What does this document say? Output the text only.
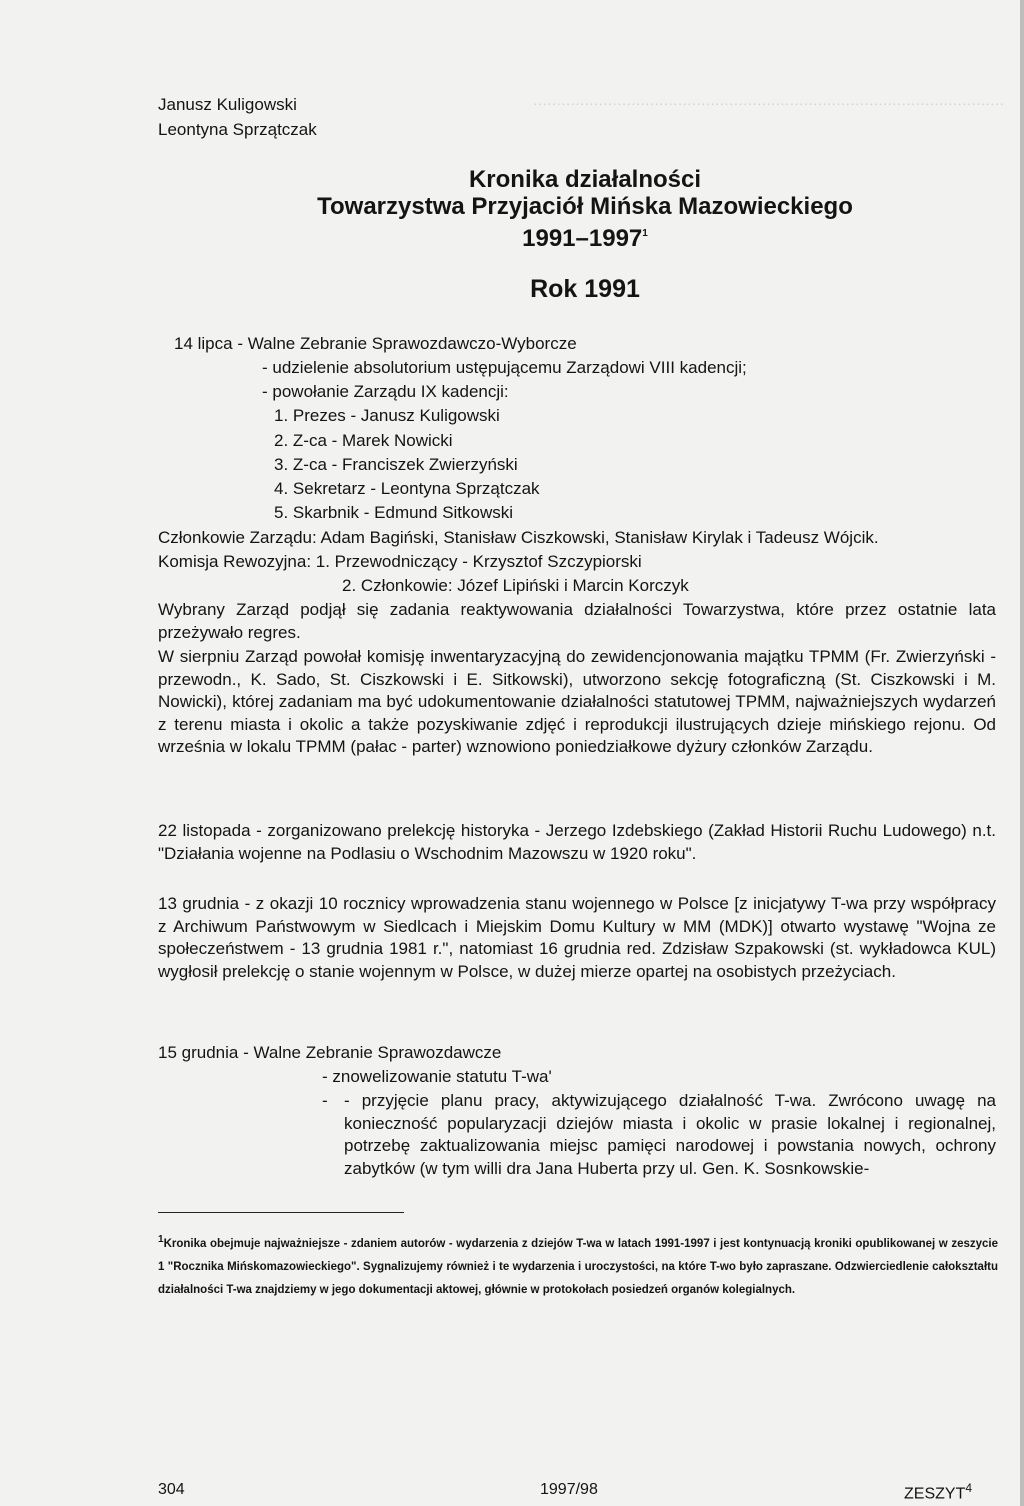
·····································································································
Janusz Kuligowski
Leontyna Sprzątczak
Kronika działalności
Towarzystwa Przyjaciół Mińska Mazowieckiego
1991–1997$^1$
Rok 1991
14 lipca - Walne Zebranie Sprawozdawczo-Wyborcze
- udzielenie absolutorium ustępującemu Zarządowi VIII kadencji;
- powołanie Zarządu IX kadencji:
1. Prezes - Janusz Kuligowski
2. Z-ca - Marek Nowicki
3. Z-ca - Franciszek Zwierzyński
4. Sekretarz - Leontyna Sprzątczak
5. Skarbnik - Edmund Sitkowski
Członkowie Zarządu: Adam Bagiński, Stanisław Ciszkowski, Stanisław Kirylak i Tadeusz Wójcik.
Komisja Rewozyjna: 1. Przewodniczący - Krzysztof Szczypiorski
2. Członkowie: Józef Lipiński i Marcin Korczyk
Wybrany Zarząd podjął się zadania reaktywowania działalności Towarzystwa, które przez ostatnie lata przeżywało regres.
W sierpniu Zarząd powołał komisję inwentaryzacyjną do zewidencjonowania majątku TPMM (Fr. Zwierzyński - przewodn., K. Sado, St. Ciszkowski i E. Sitkowski), utworzono sekcję fotograficzną (St. Ciszkowski i M. Nowicki), której zadaniam ma być udokumentowanie działalności statutowej TPMM, najważniejszych wydarzeń z terenu miasta i okolic a także pozyskiwanie zdjęć i reprodukcji ilustrujących dzieje mińskiego rejonu. Od września w lokalu TPMM (pałac - parter) wznowiono poniedziałkowe dyżury członków Zarządu.
22 listopada - zorganizowano prelekcję historyka - Jerzego Izdebskiego (Zakład Historii Ruchu Ludowego) n.t. "Działania wojenne na Podlasiu o Wschodnim Mazowszu w 1920 roku".
13 grudnia - z okazji 10 rocznicy wprowadzenia stanu wojennego w Polsce [z inicjatywy T-wa przy współpracy z Archiwum Państwowym w Siedlcach i Miejskim Domu Kultury w MM (MDK)] otwarto wystawę "Wojna ze społeczeństwem - 13 grudnia 1981 r.", natomiast 16 grudnia red. Zdzisław Szpakowski (st. wykładowca KUL) wygłosił prelekcję o stanie wojennym w Polsce, w dużej mierze opartej na osobistych przeżyciach.
15 grudnia - Walne Zebranie Sprawozdawcze
- znowelizowanie statutu T-wa'
- - przyjęcie planu pracy, aktywizującego działalność T-wa. Zwrócono uwagę na konieczność popularyzacji dziejów miasta i okolic w prasie lokalnej i regionalnej, potrzebę zaktualizowania miejsc pamięci narodowej i powstania nowych, ochrony zabytków (w tym willi dra Jana Huberta przy ul. Gen. K. Sosnkowskie-
$^1$Kronika obejmuje najważniejsze - zdaniem autorów - wydarzenia z dziejów T-wa w latach 1991-1997 i jest kontynuacją kroniki opublikowanej w zeszycie 1 "Rocznika Mińskomazowieckiego". Sygnalizujemy również i te wydarzenia i uroczystości, na które T-wo było zapraszane. Odzwierciedlenie całokształtu działalności T-wa znajdziemy w jego dokumentacji aktowej, głównie w protokołach posiedzeń organów kolegialnych.
304	1997/98	ZESZYT$^4$
